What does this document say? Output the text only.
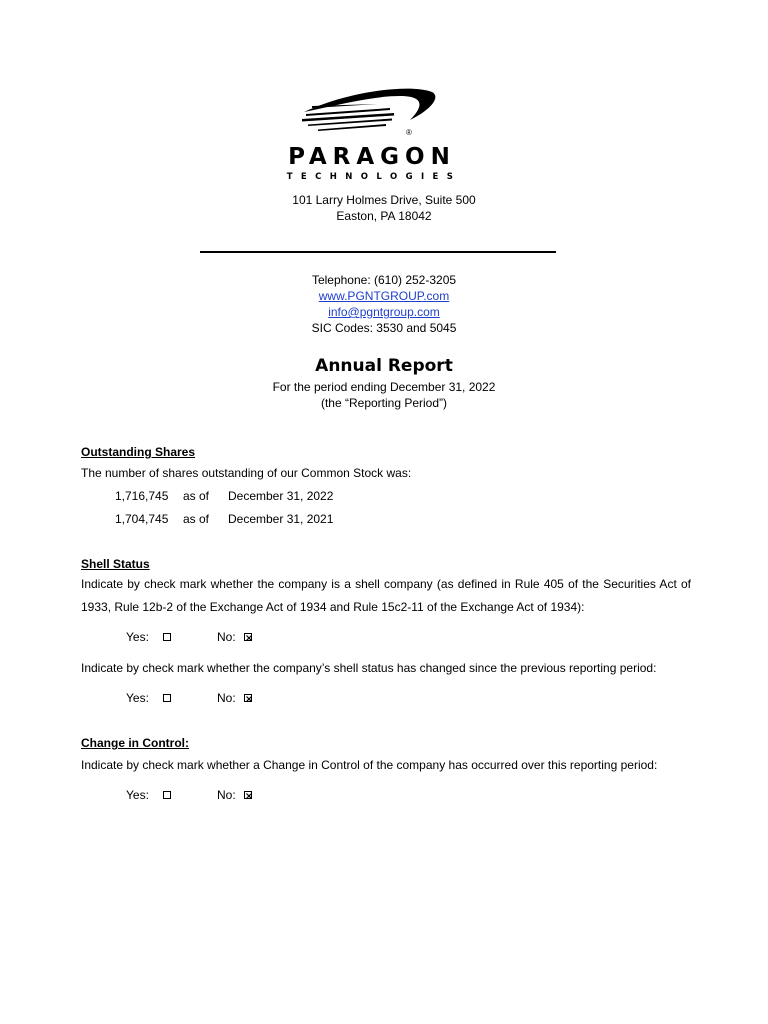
®
PARAGON
TECHNOLOGIES
101 Larry Holmes Drive, Suite 500
Easton, PA 18042
Telephone: (610) 252-3205
www.PGNTGROUP.com
info@pgntgroup.com
SIC Codes: 3530 and 5045
Annual Report
For the period ending December 31, 2022
(the “Reporting Period”)
Outstanding Shares
The number of shares outstanding of our Common Stock was:
1,716,745 as of December 31, 2022
1,704,745 as of December 31, 2021
Shell Status
Indicate by check mark whether the company is a shell company (as defined in Rule 405 of the Securities Act of 1933, Rule 12b-2 of the Exchange Act of 1934 and Rule 15c2-11 of the Exchange Act of 1934):
Yes:	No:
Indicate by check mark whether the company’s shell status has changed since the previous reporting period:
Yes:	No:
Change in Control:
Indicate by check mark whether a Change in Control of the company has occurred over this reporting period:
Yes:	No:
